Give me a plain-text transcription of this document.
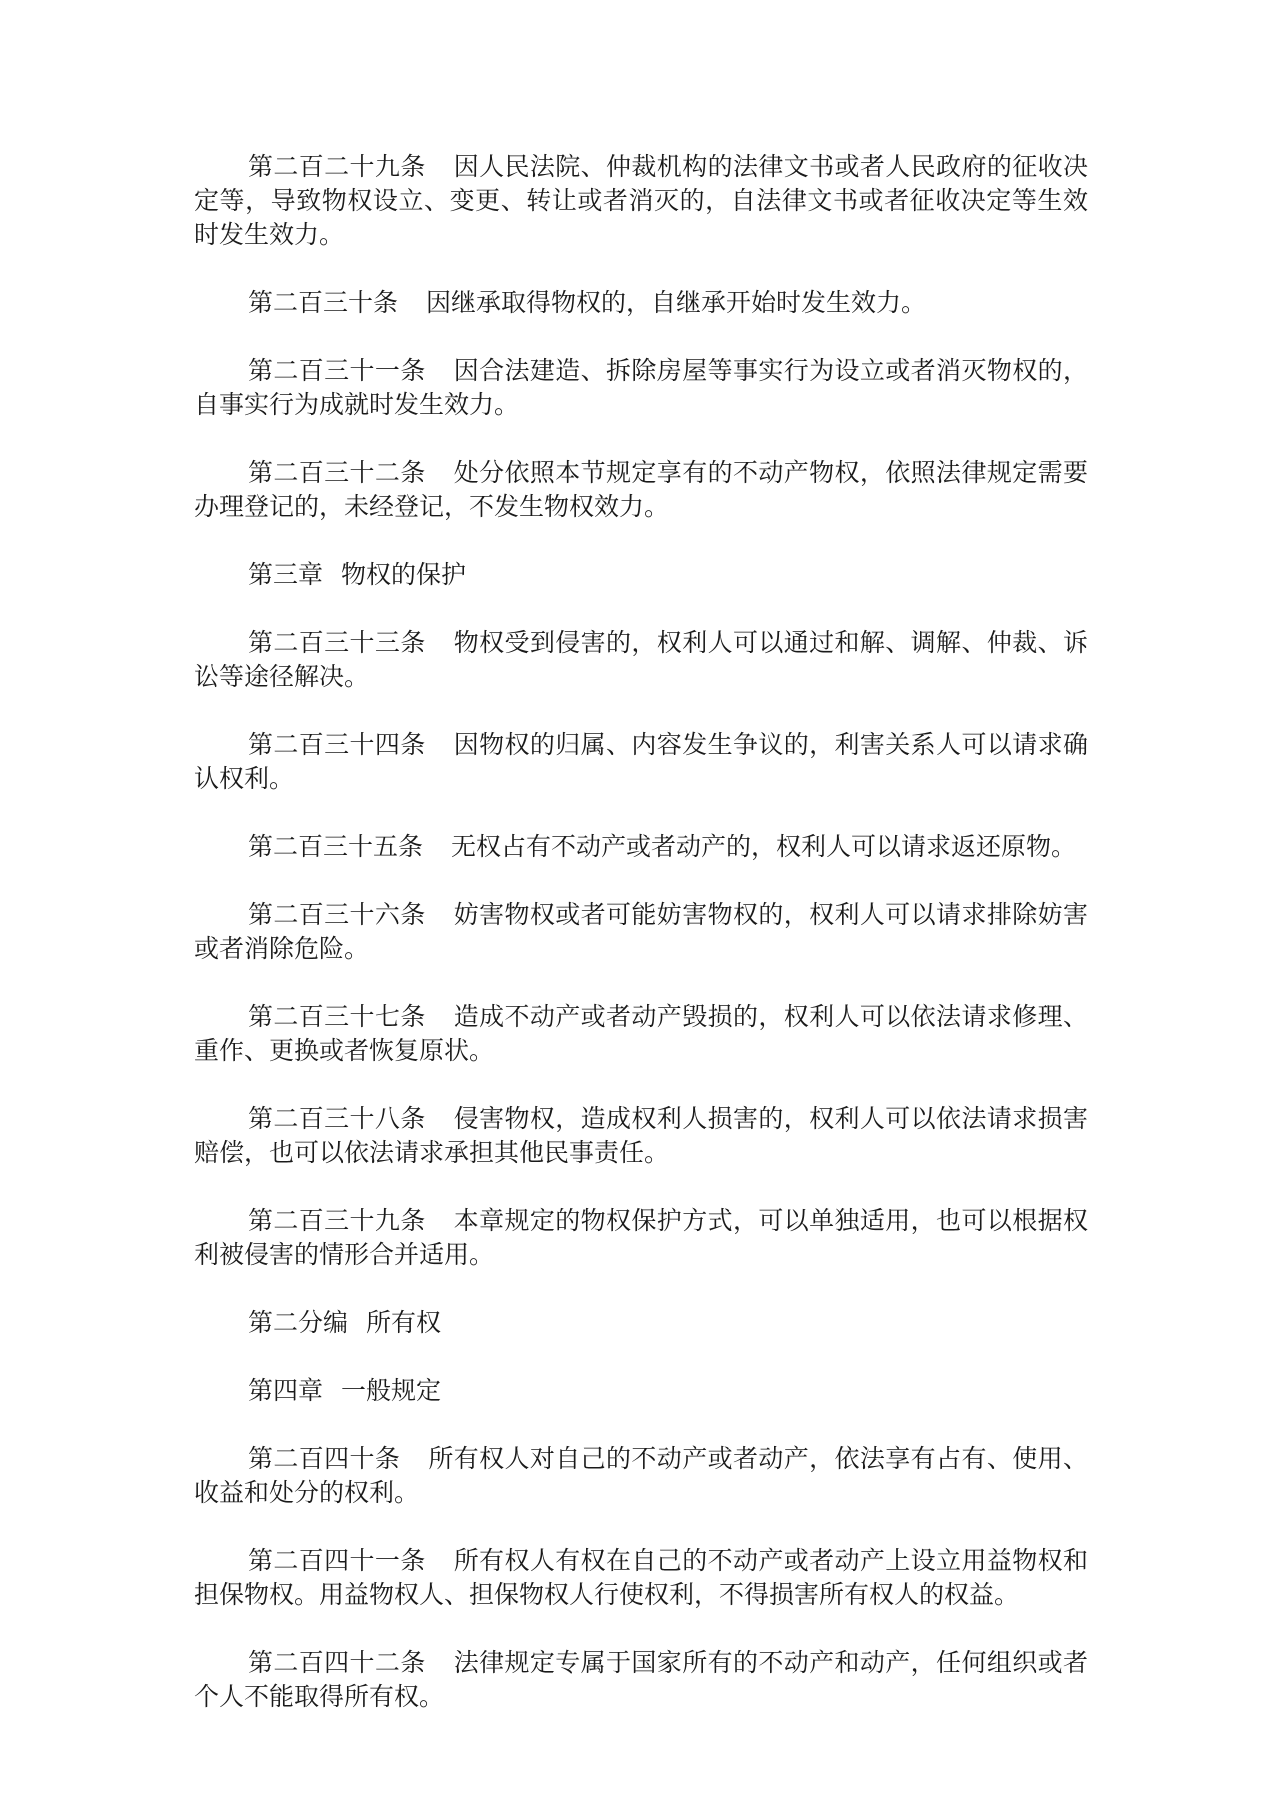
第二百二十九条 因人民法院、仲裁机构的法律文书或者人民政府的征收决定等，导致物权设立、变更、转让或者消灭的，自法律文书或者征收决定等生效时发生效力。

第二百三十条 因继承取得物权的，自继承开始时发生效力。

第二百三十一条 因合法建造、拆除房屋等事实行为设立或者消灭物权的，自事实行为成就时发生效力。

第二百三十二条 处分依照本节规定享有的不动产物权，依照法律规定需要办理登记的，未经登记，不发生物权效力。

第三章 物权的保护

第二百三十三条 物权受到侵害的，权利人可以通过和解、调解、仲裁、诉讼等途径解决。

第二百三十四条 因物权的归属、内容发生争议的，利害关系人可以请求确认权利。

第二百三十五条 无权占有不动产或者动产的，权利人可以请求返还原物。

第二百三十六条 妨害物权或者可能妨害物权的，权利人可以请求排除妨害或者消除危险。

第二百三十七条 造成不动产或者动产毁损的，权利人可以依法请求修理、重作、更换或者恢复原状。

第二百三十八条 侵害物权，造成权利人损害的，权利人可以依法请求损害赔偿，也可以依法请求承担其他民事责任。

第二百三十九条 本章规定的物权保护方式，可以单独适用，也可以根据权利被侵害的情形合并适用。

第二分编 所有权

第四章 一般规定

第二百四十条 所有权人对自己的不动产或者动产，依法享有占有、使用、收益和处分的权利。

第二百四十一条 所有权人有权在自己的不动产或者动产上设立用益物权和担保物权。用益物权人、担保物权人行使权利，不得损害所有权人的权益。

第二百四十二条 法律规定专属于国家所有的不动产和动产，任何组织或者个人不能取得所有权。
